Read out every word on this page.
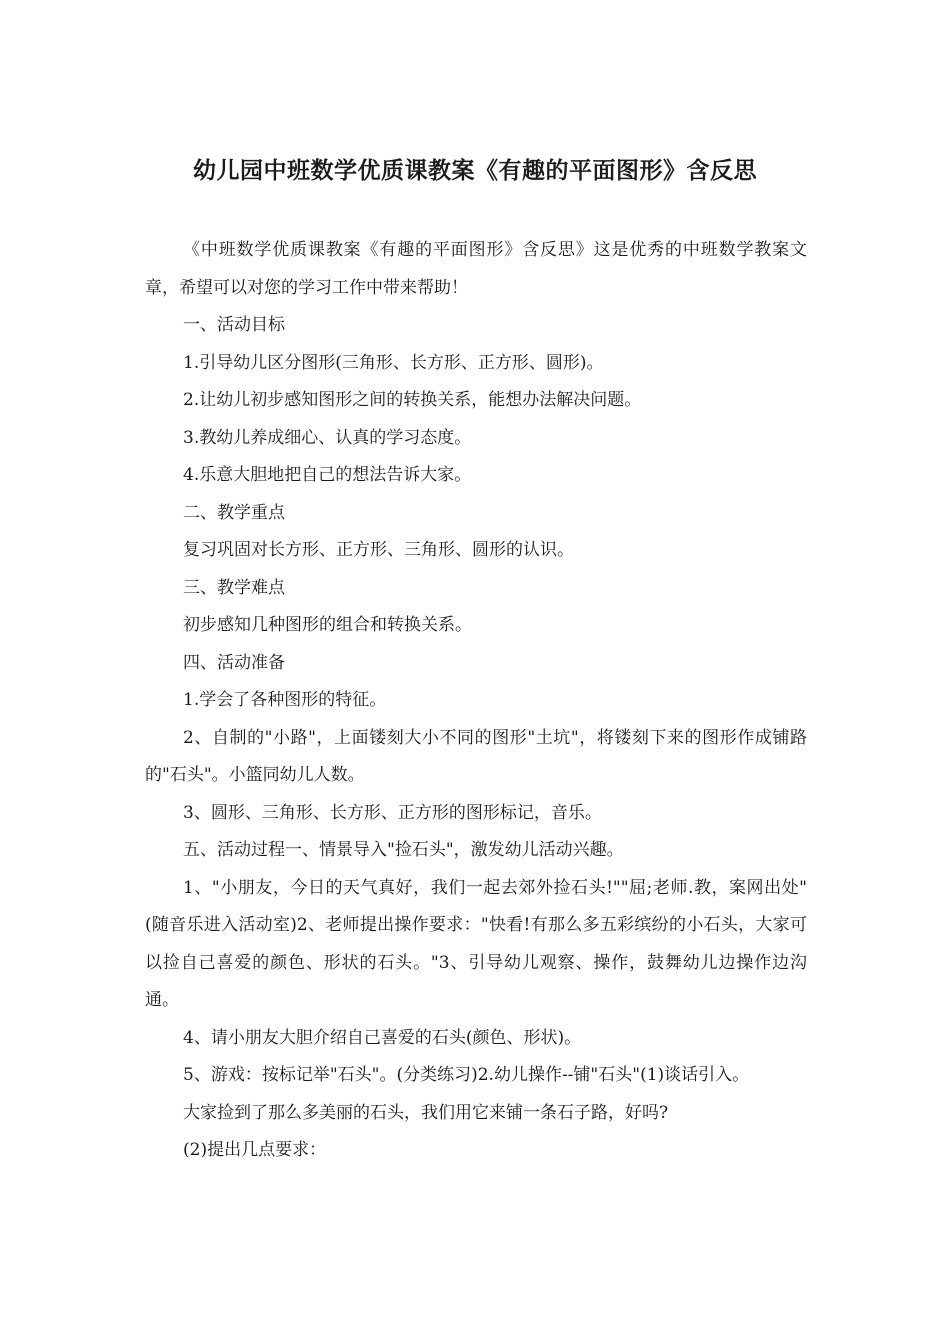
幼儿园中班数学优质课教案《有趣的平面图形》含反思

《中班数学优质课教案《有趣的平面图形》含反思》这是优秀的中班数学教案文章，希望可以对您的学习工作中带来帮助！

一、活动目标

1.引导幼儿区分图形(三角形、长方形、正方形、圆形)。

2.让幼儿初步感知图形之间的转换关系，能想办法解决问题。

3.教幼儿养成细心、认真的学习态度。

4.乐意大胆地把自己的想法告诉大家。

二、教学重点

复习巩固对长方形、正方形、三角形、圆形的认识。

三、教学难点

初步感知几种图形的组合和转换关系。

四、活动准备

1.学会了各种图形的特征。

2、自制的"小路"，上面镂刻大小不同的图形"土坑"，将镂刻下来的图形作成铺路的"石头"。小篮同幼儿人数。

3、圆形、三角形、长方形、正方形的图形标记，音乐。

五、活动过程一、情景导入"捡石头"，激发幼儿活动兴趣。

1、"小朋友，今日的天气真好，我们一起去郊外捡石头!""屈;老师.教，案网出处"(随音乐进入活动室)2、老师提出操作要求："快看!有那么多五彩缤纷的小石头，大家可以捡自己喜爱的颜色、形状的石头。"3、引导幼儿观察、操作，鼓舞幼儿边操作边沟通。

4、请小朋友大胆介绍自己喜爱的石头(颜色、形状)。

5、游戏：按标记举"石头"。(分类练习)2.幼儿操作--铺"石头"(1)谈话引入。

大家捡到了那么多美丽的石头，我们用它来铺一条石子路，好吗?

(2)提出几点要求：
